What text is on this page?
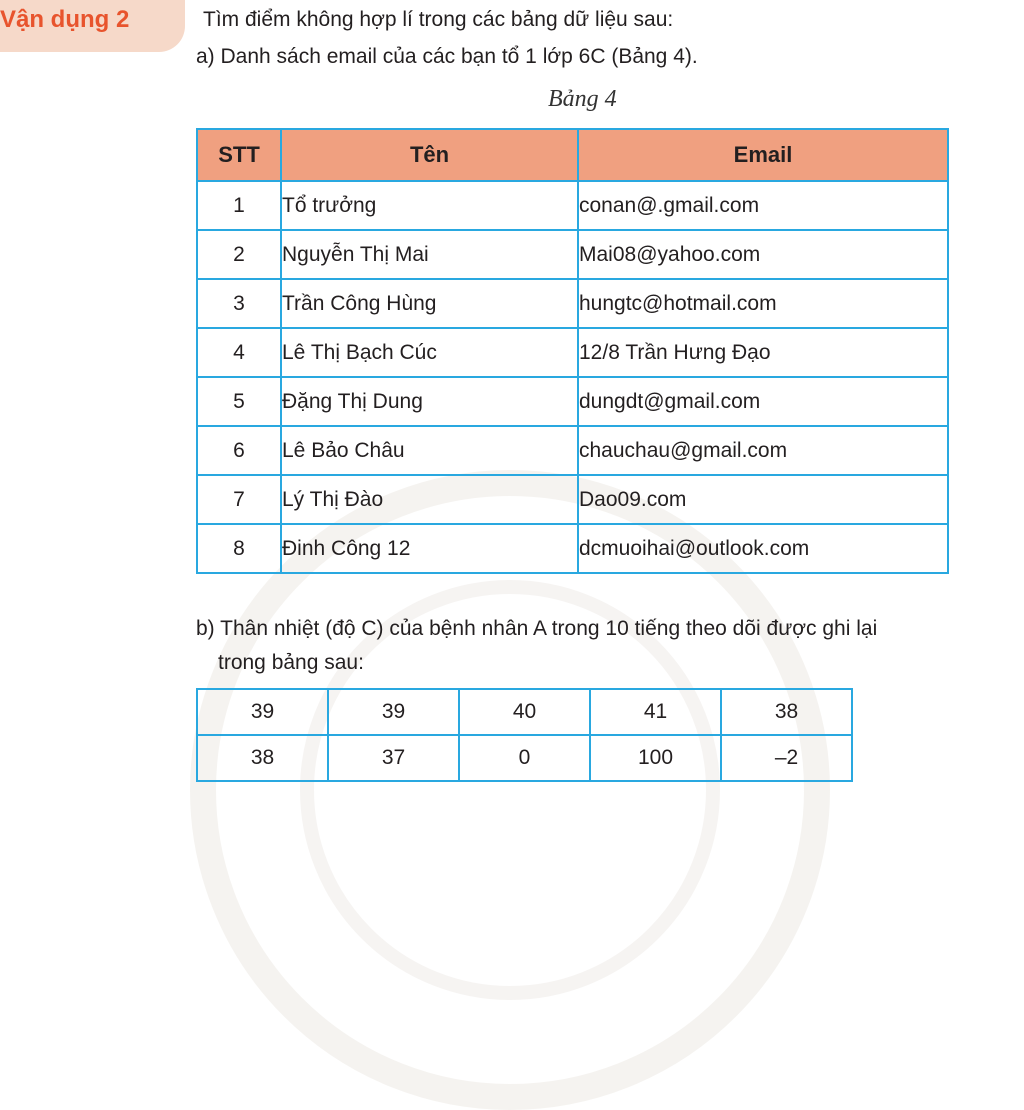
Vận dụng 2	Tìm điểm không hợp lí trong các bảng dữ liệu sau:
a) Danh sách email của các bạn tổ 1 lớp 6C (Bảng 4).
Bảng 4
STT	Tên	Email
1	Tổ trưởng	conan@.gmail.com
2	Nguyễn Thị Mai	Mai08@yahoo.com
3	Trần Công Hùng	hungtc@hotmail.com
4	Lê Thị Bạch Cúc	12/8 Trần Hưng Đạo
5	Đặng Thị Dung	dungdt@gmail.com
6	Lê Bảo Châu	chauchau@gmail.com
7	Lý Thị Đào	Dao09.com
8	Đinh Công 12	dcmuoihai@outlook.com
b) Thân nhiệt (độ C) của bệnh nhân A trong 10 tiếng theo dõi được ghi lại
trong bảng sau:
39	39	40	41	38
38	37	0	100	–2
